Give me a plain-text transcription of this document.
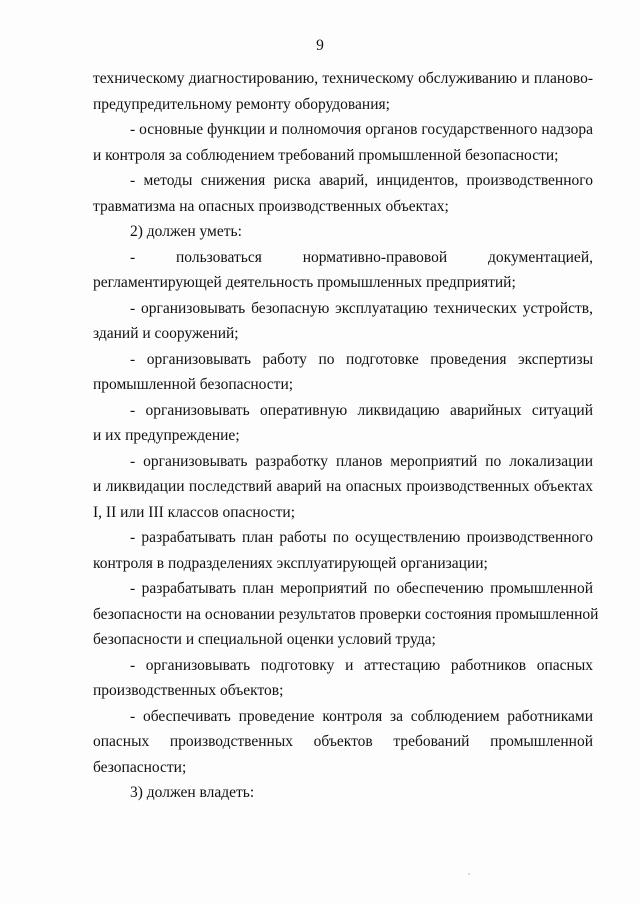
9
техническому диагностированию, техническому обслуживанию и планово-
предупредительному ремонту оборудования;
- основные функции и полномочия органов государственного надзора
и контроля за соблюдением требований промышленной безопасности;
- методы снижения риска аварий, инцидентов, производственного
травматизма на опасных производственных объектах;
2) должен уметь:
- пользоваться нормативно-правовой документацией,
регламентирующей деятельность промышленных предприятий;
- организовывать безопасную эксплуатацию технических устройств,
зданий и сооружений;
- организовывать работу по подготовке проведения экспертизы
промышленной безопасности;
- организовывать оперативную ликвидацию аварийных ситуаций
и их предупреждение;
- организовывать разработку планов мероприятий по локализации
и ликвидации последствий аварий на опасных производственных объектах
I, II или III классов опасности;
- разрабатывать план работы по осуществлению производственного
контроля в подразделениях эксплуатирующей организации;
- разрабатывать план мероприятий по обеспечению промышленной
безопасности на основании результатов проверки состояния промышленной
безопасности и специальной оценки условий труда;
- организовывать подготовку и аттестацию работников опасных
производственных объектов;
- обеспечивать проведение контроля за соблюдением работниками
опасных производственных объектов требований промышленной
безопасности;
3) должен владеть:
